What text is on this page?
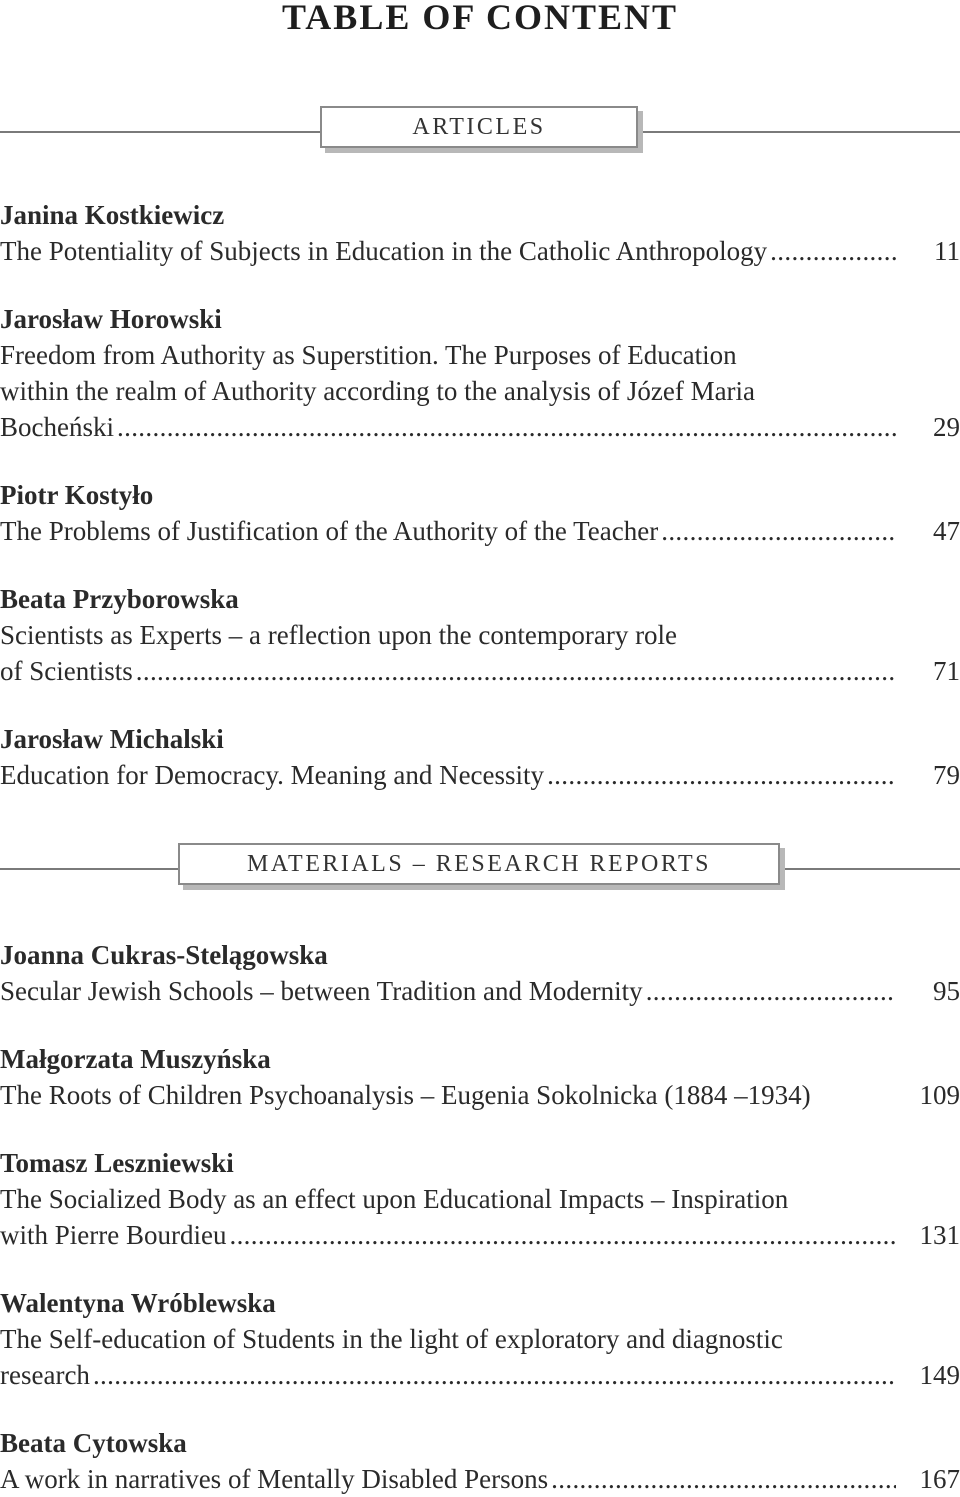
TABLE OF CONTENT
ARTICLES
Janina Kostkiewicz
The Potentiality of Subjects in Education in the Catholic Anthropology . . .	11
Jarosław Horowski
Freedom from Authority as Superstition. The Purposes of Education
within the realm of Authority according to the analysis of Józef Maria
Bocheński . . .	29
Piotr Kostyło
The Problems of Justification of the Authority of the Teacher . . .	47
Beata Przyborowska
Scientists as Experts – a reflection upon the contemporary role
of Scientists . . .	71
Jarosław Michalski
Education for Democracy. Meaning and Necessity . . .	79
MATERIALS – RESEARCH REPORTS
Joanna Cukras-Stelągowska
Secular Jewish Schools – between Tradition and Modernity . . .	95
Małgorzata Muszyńska
The Roots of Children Psychoanalysis – Eugenia Sokolnicka (1884 –1934)	109
Tomasz Leszniewski
The Socialized Body as an effect upon Educational Impacts – Inspiration
with Pierre Bourdieu . . .	131
Walentyna Wróblewska
The Self-education of Students in the light of exploratory and diagnostic
research . . .	149
Beata Cytowska
A work in narratives of Mentally Disabled Persons . . .	167
